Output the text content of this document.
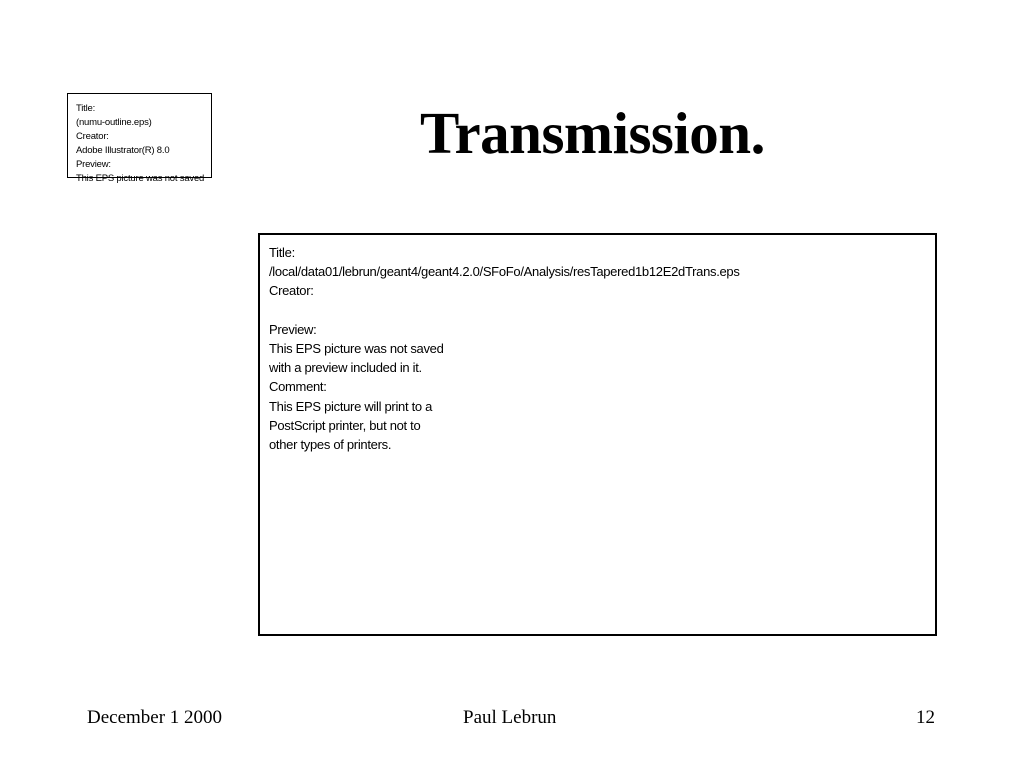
Title:
(numu-outline.eps)
Creator:
Adobe Illustrator(R) 8.0
Preview:
This EPS picture was not saved
Transmission.
Title:
/local/data01/lebrun/geant4/geant4.2.0/SFoFo/Analysis/resTapered1b12E2dTrans.eps
Creator:
Preview:
This EPS picture was not saved
with a preview included in it.
Comment:
This EPS picture will print to a
PostScript printer, but not to
other types of printers.
December 1 2000	Paul Lebrun	12
